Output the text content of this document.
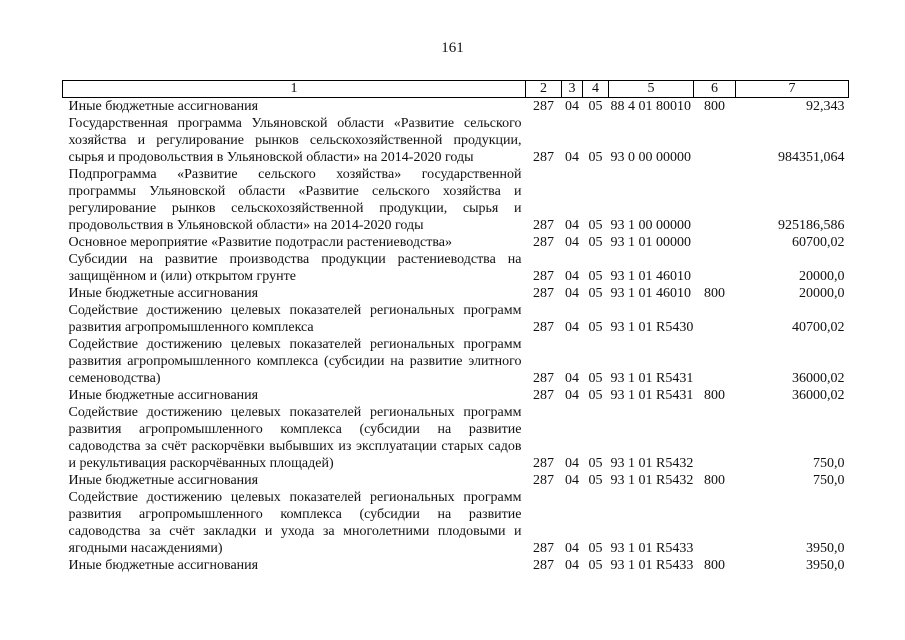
161
1	2	3	4	5	6	7
Иные бюджетные ассигнования	287	04	05	88 4 01 80010	800	92,343
Государственная программа Ульяновской области «Развитие сельского хозяйства и регулирование рынков сельскохозяйственной продукции, сырья и продовольствия в Ульяновской области» на 2014-2020 годы	287	04	05	93 0 00 00000		984351,064
Подпрограмма «Развитие сельского хозяйства» государственной программы Ульяновской области «Развитие сельского хозяйства и регулирование рынков сельскохозяйственной продукции, сырья и продовольствия в Ульяновской области» на 2014-2020 годы	287	04	05	93 1 00 00000		925186,586
Основное мероприятие «Развитие подотрасли растениеводства»	287	04	05	93 1 01 00000		60700,02
Субсидии на развитие производства продукции растениеводства на защищённом и (или) открытом грунте	287	04	05	93 1 01 46010		20000,0
Иные бюджетные ассигнования	287	04	05	93 1 01 46010	800	20000,0
Содействие достижению целевых показателей региональных программ развития агропромышленного комплекса	287	04	05	93 1 01 R5430		40700,02
Содействие достижению целевых показателей региональных программ развития агропромышленного комплекса (субсидии на развитие элитного семеноводства)	287	04	05	93 1 01 R5431		36000,02
Иные бюджетные ассигнования	287	04	05	93 1 01 R5431	800	36000,02
Содействие достижению целевых показателей региональных программ развития агропромышленного комплекса (субсидии на развитие садоводства за счёт раскорчёвки выбывших из эксплуатации старых садов и рекультивация раскорчёванных площадей)	287	04	05	93 1 01 R5432		750,0
Иные бюджетные ассигнования	287	04	05	93 1 01 R5432	800	750,0
Содействие достижению целевых показателей региональных программ развития агропромышленного комплекса (субсидии на развитие садоводства за счёт закладки и ухода за многолетними плодовыми и ягодными насаждениями)	287	04	05	93 1 01 R5433		3950,0
Иные бюджетные ассигнования	287	04	05	93 1 01 R5433	800	3950,0
